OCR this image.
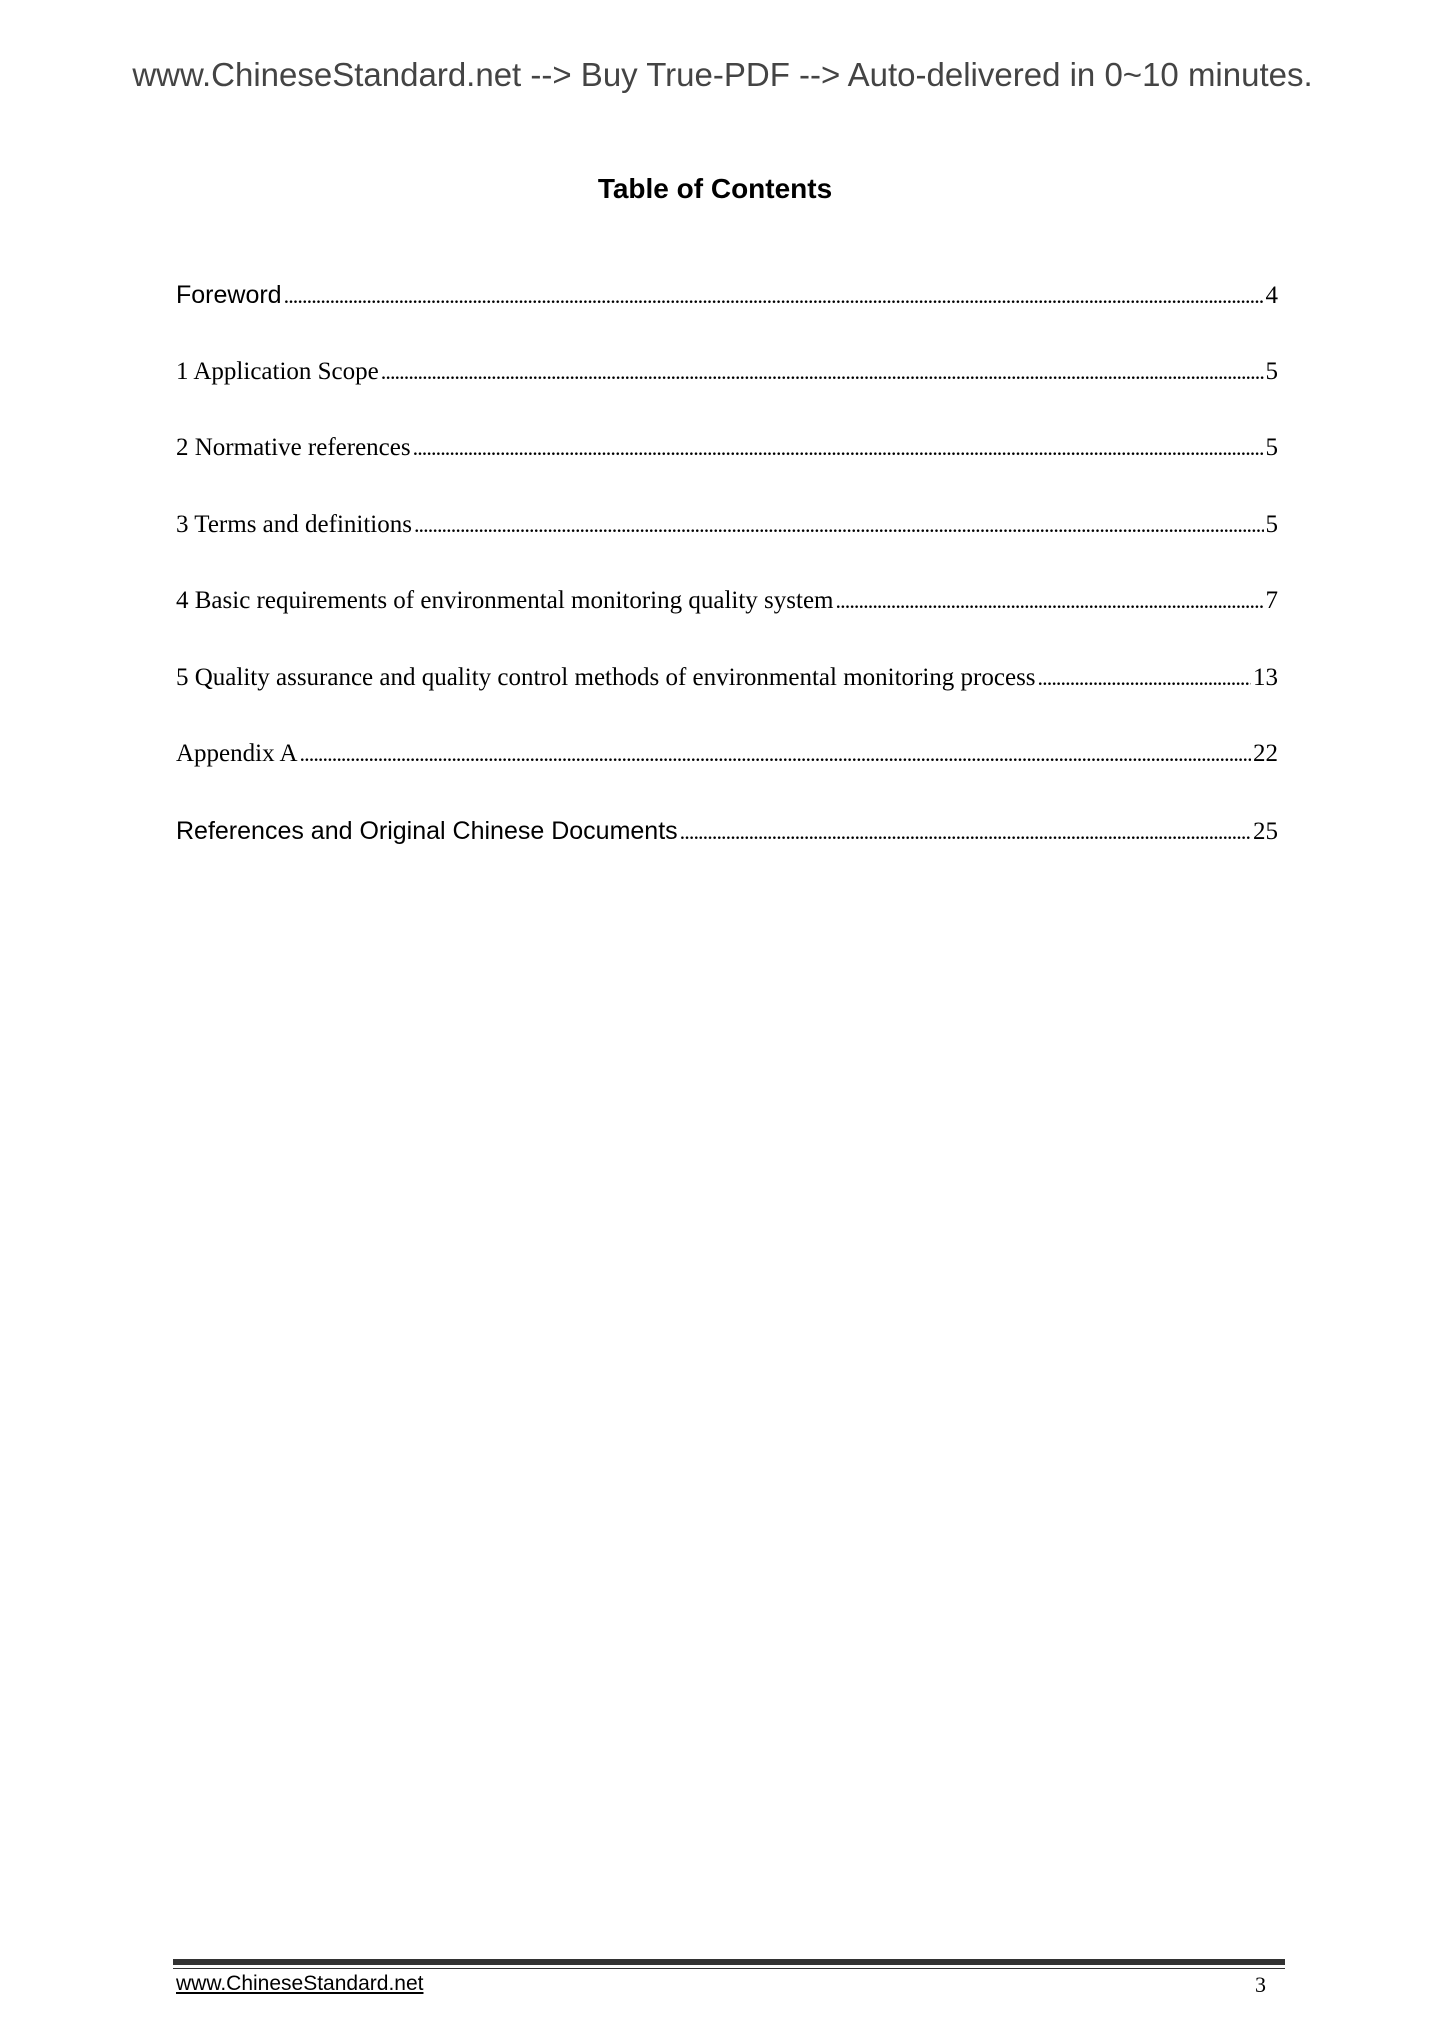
www.ChineseStandard.net --> Buy True-PDF --> Auto-delivered in 0~10 minutes.
Table of Contents
Foreword . . .	4
1 Application Scope . . .	5
2 Normative references . . .	5
3 Terms and definitions . . .	5
4 Basic requirements of environmental monitoring quality system . . .	7
5 Quality assurance and quality control methods of environmental monitoring process . . .	13
Appendix A . . .	22
References and Original Chinese Documents . . .	25
www.ChineseStandard.net	3
